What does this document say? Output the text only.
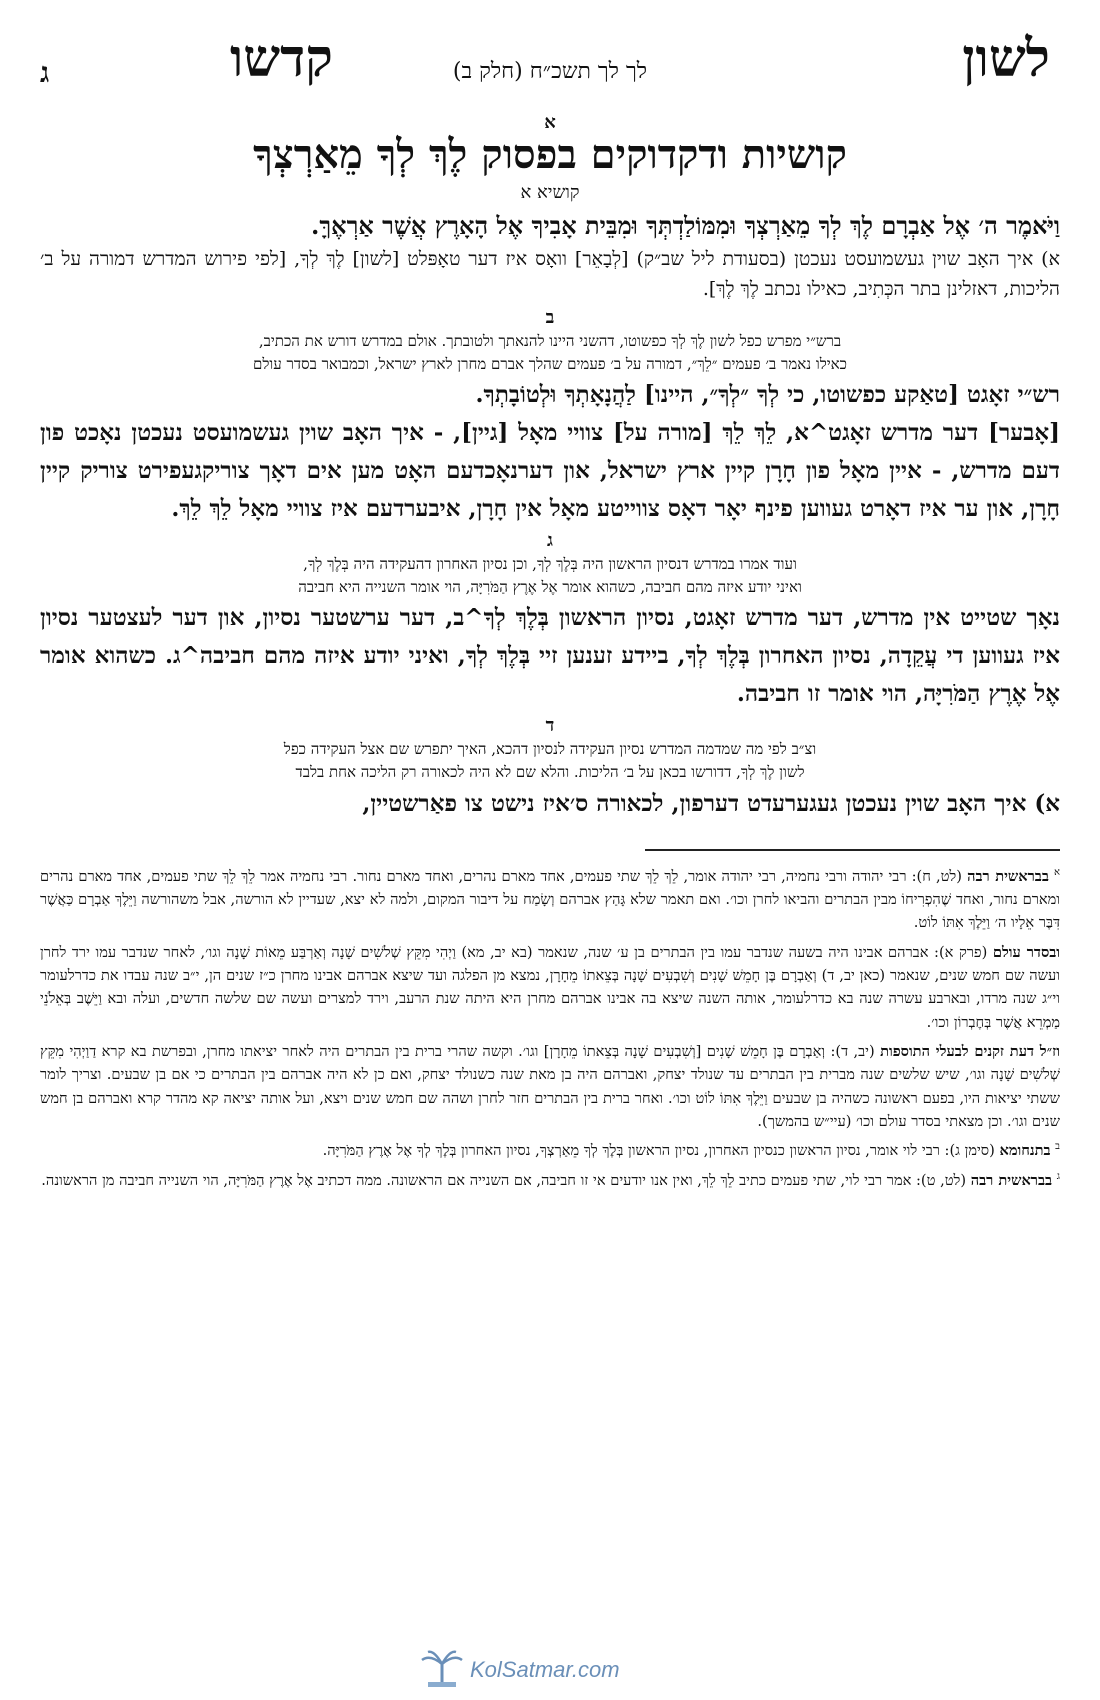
לשון
לך לך תשכ״ח (חלק ב)
קדשו
ג
א
קושיות ודקדוקים בפסוק לֶךְ לְךָ מֵאַרְצְךָ
קושיא א
וַיֹּאמֶר ה׳ אֶל אַבְרָם לֶךְ לְךָ מֵאַרְצְךָ וּמִמּוֹלַדְתְּךָ וּמִבֵּית אָבִיךָ אֶל הָאָרֶץ אֲשֶׁר אַרְאֶךָּ.
א) איך האָב שוין געשמועסט נעכטן (בסעודת ליל שב״ק) [לְבָאֵר] וואָס איז דער טאָפּלט [לשון] לֶךְ לְךָ, [לפי פירוש המדרש דמורה על ב׳ הליכות, דאזלינן בתר הכְּתִיב, כאילו נכתב לֶךְ לֶךְ].
ב
ברש״י מפרש כפל לשון לֶךְ לְךָ כפשוטו, דהשני היינו להנאתך ולטובתך. אולם במדרש דורש את הכתיב,
כאילו נאמר ב׳ פעמים ״לֵךְ״, דמורה על ב׳ פעמים שהלך אברם מחרן לארץ ישראל, וכמבואר בסדר עולם
רש״י זאָגט [טאַקע כפשוטו, כי לְךָ ״לְךָ״, היינו] לַהֲנָאָתְךָ וּלְטוֹבָתְךָ.
[אָבער] דער מדרש זאָגט^א, לֵךְ לֵךְ [מורה על] צוויי מאָל [גיין], - איך האָב שוין געשמועסט נעכטן נאָכט פון דעם מדרש, - איין מאָל פון חָרָן קיין ארץ ישראל, און דערנאָכדעם האָט מען אים דאָך צוריקגעפירט צוריק קיין חָרָן, און ער איז דאָרט געווען פינף יאָר דאָס צווייטע מאָל אין חָרָן, איבערדעם איז צוויי מאָל לֵךְ לֵךְ.
ג
ועוד אמרו במדרש דנסיון הראשון היה בְּלֶךְ לְךָ, וכן נסיון האחרון דהעקידה היה בְּלֶךְ לְךָ,
ואיני יודע איזה מהם חביבה, כשהוא אומר אֶל אֶרֶץ הַמֹּרִיָּה, הוי אומר השנייה היא חביבה
נאָך שטייט אין מדרש, דער מדרש זאָגט, נסיון הראשון בְּלֶךְ לְךָ^ב, דער ערשטער נסיון, און דער לעצטער נסיון איז געווען די עֲקֵדָה, נסיון האחרון בְּלֶךְ לְךָ, ביידע זענען זיי בְּלֶךְ לְךָ, ואיני יודע איזה מהם חביבה^ג. כשהוא אומר אֶל אֶרֶץ הַמֹּרִיָּה, הוי אומר זו חביבה.
ד
וצ״ב לפי מה שמדמה המדרש נסיון העקידה לנסיון דהכא, האיך יתפרש שם אצל העקידה כפל
לשון לֶךְ לְךָ, דדורשו בכאן על ב׳ הליכות. והלא שם לא היה לכאורה רק הליכה אחת בלבד
א) איך האָב שוין נעכטן געגערעדט דערפון, לכאורה ס׳איז נישט צו פאַרשטיין,
$^א$ בבראשית רבה (לט, ח): רבי יהודה ורבי נחמיה, רבי יהודה אומר, לֵךְ לֵךְ שתי פעמים, אחד מארם נהרים, ואחד מארם נחור. רבי נחמיה אמר לֵךְ לֵךְ שתי פעמים, אחד מארם נהרים ומארם נחור, ואחד שֶׁהִפְרִיחוֹ מבין הבתרים והביאו לחרן וכו׳. ואם תאמר שלא גָּהַץ אברהם וְשָׂמַח על דיבור המקום, ולמה לא יצא, שעדיין לא הורשה, אבל משהורשה וַיֵּלֶךְ אַבְרָם כַּאֲשֶׁר דִּבֶּר אֵלָיו ה׳ וַיֵּלֶךְ אִתּוֹ לוֹט.
ובסדר עולם (פרק א): אברהם אבינו היה בשעה שנדבר עמו בין הבתרים בן ע׳ שנה, שנאמר (בא יב, מא) וַיְהִי מִקֵּץ שְׁלשִׁים שָׁנָה וְאַרְבַּע מֵאוֹת שָׁנָה וגו׳, לאחר שנדבר עמו ירד לחרן ועשה שם חמש שנים, שנאמר (כאן יב, ד) וְאַבְרָם בֶּן חָמֵשׁ שָׁנִים וְשִׁבְעִים שָׁנָה בְּצֵאתוֹ מֵחָרָן, נמצא מן הפלגה ועד שיצא אברהם אבינו מחרן כ״ז שנים הן, י״ב שנה עבדו את כדרלעומר וי״ג שנה מרדו, ובארבע עשרה שנה בא כדרלעומר, אותה השנה שיצא בה אבינו אברהם מחרן היא היתה שנת הרעב, וירד למצרים ועשה שם שלשה חדשים, ועלה ובא וַיֵּשֶׁב בְּאֵלֹנֵי מַמְרֵא אֲשֶׁר בְּחֶבְרוֹן וכו׳.
וז״ל דעת זקנים לבעלי התוספות (יב, ד): וְאַבְרָם בֶּן חָמֵשׁ שָׁנִים [וְשִׁבְעִים שָׁנָה בְּצֵאתוֹ מֵחָרָן] וגו׳. וקשה שהרי ברית בין הבתרים היה לאחר יציאתו מחרן, ובפרשת בא קרא דַוַיְהִי מִקֵּץ שְׁלשִׁים שָׁנָה וגו׳, שיש שלשים שנה מברית בין הבתרים עד שנולד יצחק, ואברהם היה בן מאת שנה כשנולד יצחק, ואם כן לא היה אברהם בין הבתרים כי אם בן שבעים. וצריך לומר ששתי יציאות היו, בפעם ראשונה כשהיה בן שבעים וַיֵּלֶךְ אִתּוֹ לוֹט וכו׳. ואחר ברית בין הבתרים חזר לחרן ושהה שם חמש שנים ויצא, ועל אותה יציאה קא מהדר קרא ואברהם בן חמש שנים וגו׳. וכן מצאתי בסדר עולם וכו׳ (עיי״ש בהמשך).
$^ב$ בתנחומא (סימן ג): רבי לוי אומר, נסיון הראשון כנסיון האחרון, נסיון הראשון בְּלֶךְ לְךָ מֵאַרְצְךָ, נסיון האחרון בְּלֶךְ לְךָ אֶל אֶרֶץ הַמֹּרִיָּה.
$^ג$ בבראשית רבה (לט, ט): אמר רבי לוי, שתי פעמים כתיב לֵךְ לֵךְ, ואין אנו יודעים אי זו חביבה, אם השנייה אם הראשונה. ממה דכתיב אֶל אֶרֶץ הַמֹּרִיָּה, הוי השנייה חביבה מן הראשונה.
KolSatmar.com
